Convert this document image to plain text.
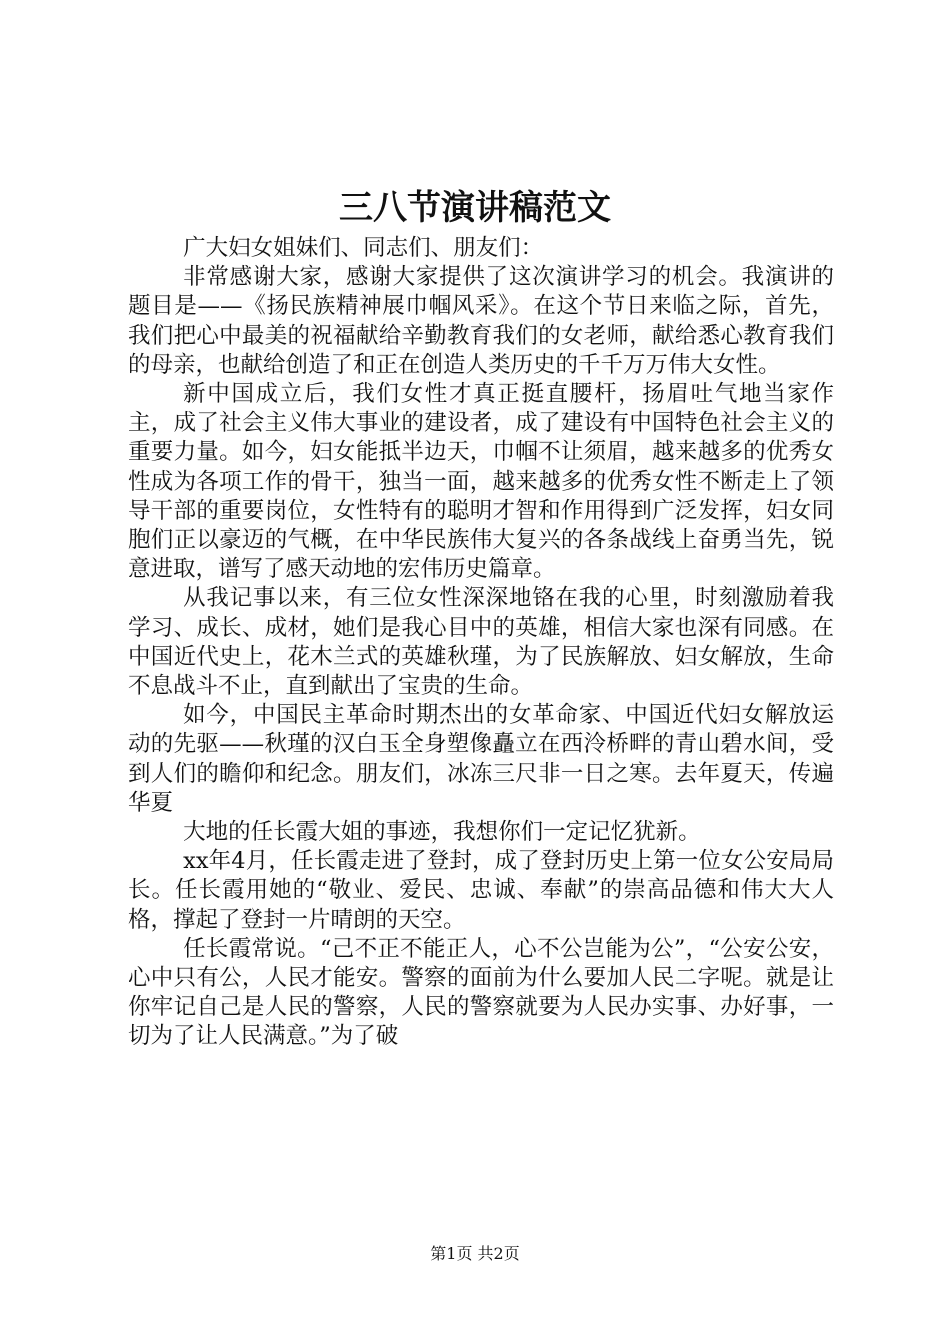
三八节演讲稿范文

广大妇女姐妹们、同志们、朋友们：

非常感谢大家，感谢大家提供了这次演讲学习的机会。我演讲的题目是——《扬民族精神展巾帼风采》。在这个节日来临之际，首先，我们把心中最美的祝福献给辛勤教育我们的女老师，献给悉心教育我们的母亲，也献给创造了和正在创造人类历史的千千万万伟大女性。

新中国成立后，我们女性才真正挺直腰杆，扬眉吐气地当家作主，成了社会主义伟大事业的建设者，成了建设有中国特色社会主义的重要力量。如今，妇女能抵半边天，巾帼不让须眉，越来越多的优秀女性成为各项工作的骨干，独当一面，越来越多的优秀女性不断走上了领导干部的重要岗位，女性特有的聪明才智和作用得到广泛发挥，妇女同胞们正以豪迈的气概，在中华民族伟大复兴的各条战线上奋勇当先，锐意进取，谱写了感天动地的宏伟历史篇章。

从我记事以来，有三位女性深深地铬在我的心里，时刻激励着我学习、成长、成材，她们是我心目中的英雄，相信大家也深有同感。在中国近代史上，花木兰式的英雄秋瑾，为了民族解放、妇女解放，生命不息战斗不止，直到献出了宝贵的生命。

如今，中国民主革命时期杰出的女革命家、中国近代妇女解放运动的先驱——秋瑾的汉白玉全身塑像矗立在西泠桥畔的青山碧水间，受到人们的瞻仰和纪念。朋友们，冰冻三尺非一日之寒。去年夏天，传遍华夏

大地的任长霞大姐的事迹，我想你们一定记忆犹新。

xx年4月，任长霞走进了登封，成了登封历史上第一位女公安局局长。任长霞用她的“敬业、爱民、忠诚、奉献”的崇高品德和伟大大人格，撑起了登封一片晴朗的天空。

任长霞常说。“己不正不能正人，心不公岂能为公”，“公安公安，心中只有公，人民才能安。警察的面前为什么要加人民二字呢。就是让你牢记自己是人民的警察，人民的警察就要为人民办实事、办好事，一切为了让人民满意。”为了破

第1页 共2页
